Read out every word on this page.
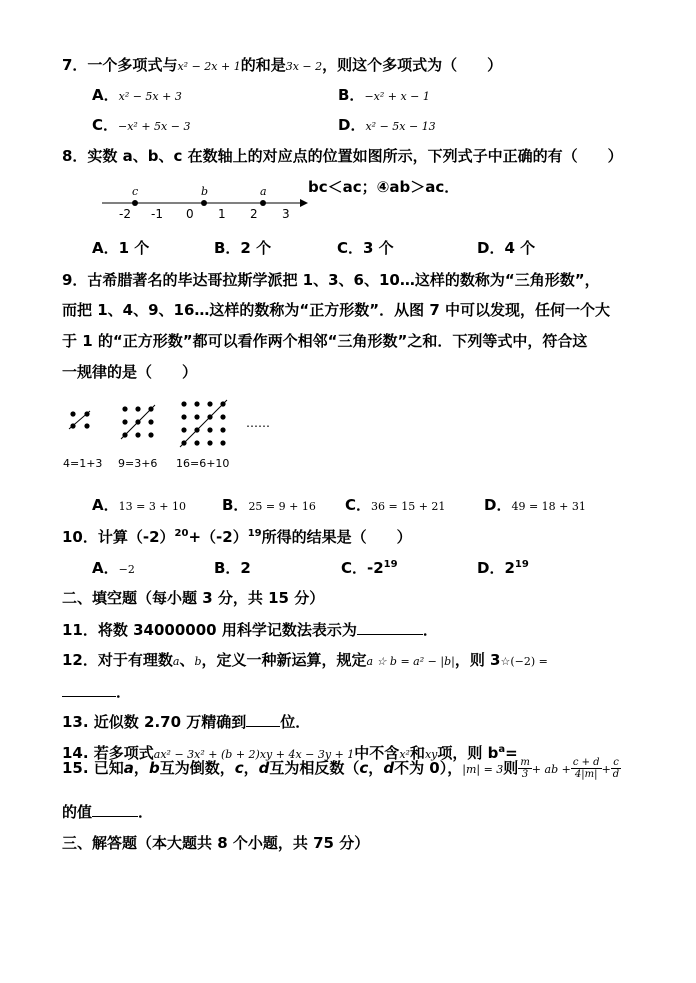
7．一个多项式与x² − 2x + 1的和是3x − 2，则这个多项式为（　　）
A．x² − 5x + 3	B．−x² + x − 1
C．−x² + 5x − 3	D．x² − 5x − 13
8．实数 a、b、c 在数轴上的对应点的位置如图所示，下列式子中正确的有（　　）
bc＜ac；④ab＞ac．
c	b	a
-2 -1 0 1 2 3
A．1 个	B．2 个	C．3 个	D．4 个
9．古希腊著名的毕达哥拉斯学派把 1、3、6、10…这样的数称为“三角形数”，
而把 1、4、9、16…这样的数称为“正方形数”．从图 7 中可以发现，任何一个大
于 1 的“正方形数”都可以看作两个相邻“三角形数”之和．下列等式中，符合这
一规律的是（　　）
……
4=1+3 9=3+6 16=6+10
A．13 = 3 + 10 B．25 = 9 + 16 C．36 = 15 + 21	D．49 = 18 + 31
10．计算$(-2)^{20}+(-2)^{19}$所得的结果是（　　）
A．−2	B．2	C．$-2^{19}$	D．$2^{19}$
二、填空题（每小题 3 分，共 15 分）
11．将数 34000000 用科学记数法表示为	．
12．对于有理数a、b，定义一种新运算，规定a ☆ b = a² − |b|，则 3☆(−2) =
．
13. 近似数 2.70 万精确到 位．
14. 若多项式ax² − 3x² + (b + 2)xy + 4x − 3y + 1中不含x²和xy项，则 $b^a=$
15. 已知a，b互为倒数，c，d互为相反数（c，d不为 0），|m| = 3则 $\frac{m}{3}$ + ab + $\frac{c + d}{4|m|} + \frac{c}{d}$
的值	．
三、解答题（本大题共 8 个小题，共 75 分）
